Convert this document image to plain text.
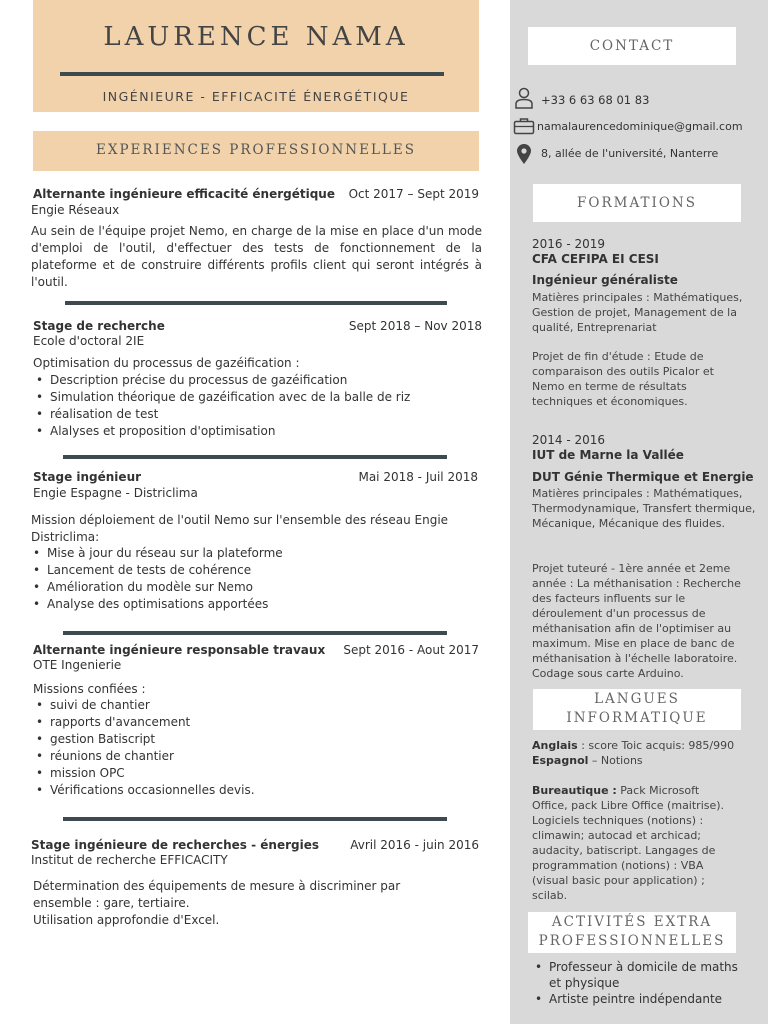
LAURENCE NAMA
INGÉNIEURE - EFFICACITÉ ÉNERGÉTIQUE
EXPERIENCES PROFESSIONNELLES
Alternante ingénieure efficacité énergétique	Oct 2017 – Sept 2019
Engie Réseaux
Au sein de l'équipe projet Nemo, en charge de la mise en place d'un mode d'emploi de l'outil, d'effectuer des tests de fonctionnement de la plateforme et de construire différents profils client qui seront intégrés à l'outil.
Stage de recherche	Sept 2018 – Nov 2018
Ecole d'octoral 2IE
Optimisation du processus de gazéification :
• Description précise du processus de gazéification
• Simulation théorique de gazéification avec de la balle de riz
• réalisation de test
• Alalyses et proposition d'optimisation
Stage ingénieur	Mai 2018 - Juil 2018
Engie Espagne - Districlima
Mission déploiement de l'outil Nemo sur l'ensemble des réseau Engie Districlima:
• Mise à jour du réseau sur la plateforme
• Lancement de tests de cohérence
• Amélioration du modèle sur Nemo
• Analyse des optimisations apportées
Alternante ingénieure responsable travaux	Sept 2016 - Aout 2017
OTE Ingenierie
Missions confiées :
• suivi de chantier
• rapports d'avancement
• gestion Batiscript
• réunions de chantier
• mission OPC
• Vérifications occasionnelles devis.
Stage ingénieure de recherches - énergies	Avril 2016 - juin 2016
Institut de recherche EFFICACITY
Détermination des équipements de mesure à discriminer par ensemble : gare, tertiaire.
Utilisation approfondie d'Excel.
CONTACT
+33 6 63 68 01 83
namalaurencedominique@gmail.com
8, allée de l'université, Nanterre
FORMATIONS
2016 - 2019
CFA CEFIPA EI CESI
Ingénieur généraliste
Matières principales : Mathématiques, Gestion de projet, Management de la qualité, Entreprenariat
Projet de fin d'étude : Etude de comparaison des outils Picalor et Nemo en terme de résultats techniques et économiques.
2014 - 2016
IUT de Marne la Vallée
DUT Génie Thermique et Energie
Matières principales : Mathématiques, Thermodynamique, Transfert thermique, Mécanique, Mécanique des fluides.
Projet tuteuré - 1ère année et 2eme année : La méthanisation : Recherche des facteurs influents sur le déroulement d'un processus de méthanisation afin de l'optimiser au maximum. Mise en place de banc de méthanisation à l'échelle laboratoire. Codage sous carte Arduino.
LANGUES
INFORMATIQUE
Anglais : score Toic acquis: 985/990
Espagnol – Notions
Bureautique : Pack Microsoft Office, pack Libre Office (maitrise). Logiciels techniques (notions) : climawin; autocad et archicad; audacity, batiscript. Langages de programmation (notions) : VBA (visual basic pour application) ; scilab.
ACTIVITÉS EXTRA
PROFESSIONNELLES
• Professeur à domicile de maths et physique
• Artiste peintre indépendante
